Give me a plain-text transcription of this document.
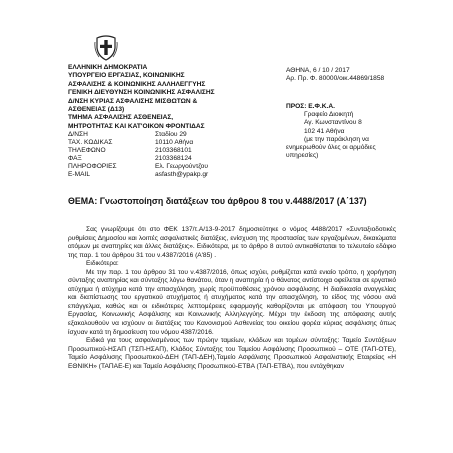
ΕΛΛΗΝΙΚΗ ΔΗΜΟΚΡΑΤΙΑ
ΥΠΟΥΡΓΕΙΟ ΕΡΓΑΣΙΑΣ, ΚΟΙΝΩΝΙΚΗΣ
ΑΣΦΑΛΙΣΗΣ & ΚΟΙΝΩΝΙΚΗΣ ΑΛΛΗΛΕΓΓΥΗΣ
ΓΕΝΙΚΗ ΔΙΕΥΘΥΝΣΗ ΚΟΙΝΩΝΙΚΗΣ ΑΣΦΑΛΙΣΗΣ
Δ/ΝΣΗ ΚΥΡΙΑΣ ΑΣΦΑΛΙΣΗΣ ΜΙΣΘΩΤΩΝ &
ΑΣΘΕΝΕΙΑΣ (Δ13)
ΤΜΗΜΑ ΑΣΦΑΛΙΣΗΣ ΑΣΘΕΝΕΙΑΣ,
ΜΗΤΡΟΤΗΤΑΣ ΚΑΙ ΚΑΤ'ΟΙΚΟΝ ΦΡΟΝΤΙΔΑΣ
Δ/ΝΣΗ	Σταδίου 29
ΤΑΧ. ΚΩΔΙΚΑΣ	10110 Αθήνα
ΤΗΛΕΦΩΝΟ	2103368101
ΦΑΞ	2103368124
ΠΛΗΡΟΦΟΡΙΕΣ	Ελ. Γεωργούντζου
E-MAIL	asfasth@ypakp.gr
ΑΘΗΝΑ, 6 / 10 / 2017
Αρ. Πρ. Φ. 80000/οικ.44869/1858
ΠΡΟΣ: Ε.Φ.Κ.Α.
Γραφείο Διοικητή
Αγ. Κωνσταντίνου 8
102 41 Αθήνα
(με την παράκληση να
ενημερωθούν όλες οι αρμόδιες
υπηρεσίες)
ΘΕΜΑ: Γνωστοποίηση διατάξεων του άρθρου 8 του ν.4488/2017 (Α΄137)

Σας γνωρίζουμε ότι στο ΦΕΚ 137/τ.Α/13-9-2017 δημοσιεύτηκε ο νόμος 4488/2017 «Συνταξιοδοτικές ρυθμίσεις Δημοσίου και λοιπές ασφαλιστικές διατάξεις, ενίσχυση της προστασίας των εργαζομένων, δικαιώματα ατόμων με αναπηρίες και άλλες διατάξεις». Ειδικότερα, με το άρθρο 8 αυτού αντικαθίσταται το τελευταίο εδάφιο της παρ. 1 του άρθρου 31 του ν.4387/2016 (Α'85) .

Ειδικότερα:

Με την παρ. 1 του άρθρου 31 του ν.4387/2016, όπως ισχύει, ρυθμίζεται κατά ενιαίο τρόπο, η χορήγηση σύνταξης αναπηρίας και σύνταξης λόγω θανάτου, όταν η αναπηρία ή ο θάνατος αντίστοιχα οφείλεται σε εργατικό ατύχημα ή ατύχημα κατά την απασχόληση, χωρίς προϋποθέσεις χρόνου ασφάλισης. Η διαδικασία αναγγελίας και διαπίστωσης του εργατικού ατυχήματος ή ατυχήματος κατά την απασχόληση, το είδος της νόσου ανά επάγγελμα, καθώς και οι ειδικότερες λεπτομέρειες εφαρμογής καθορίζονται με απόφαση του Υπουργού Εργασίας, Κοινωνικής Ασφάλισης και Κοινωνικής Αλληλεγγύης. Μέχρι την έκδοση της απόφασης αυτής εξακολουθούν να ισχύουν οι διατάξεις του Κανονισμού Ασθενείας του οικείου φορέα κύριας ασφάλισης όπως ίσχυαν κατά τη δημοσίευση του νόμου 4387/2016.

Ειδικά για τους ασφαλισμένους των πρώην ταμείων, κλάδων και τομέων σύνταξης: Ταμείο Συντάξεων Προσωπικού-ΗΣΑΠ (ΤΣΠ-ΗΣΑΠ), Κλάδος Σύνταξης του Ταμείου Ασφάλισης Προσωπικού – ΟΤΕ (ΤΑΠ-ΟΤΕ), Ταμείο Ασφάλισης Προσωπικού-ΔΕΗ (ΤΑΠ-ΔΕΗ),Ταμείο Ασφάλισης Προσωπικού Ασφαλιστικής Εταιρείας «Η ΕΘΝΙΚΗ» (ΤΑΠΑΕ-Ε) και Ταμείο Ασφάλισης Προσωπικού-ΕΤΒΑ (ΤΑΠ-ΕΤΒΑ), που εντάχθηκαν
